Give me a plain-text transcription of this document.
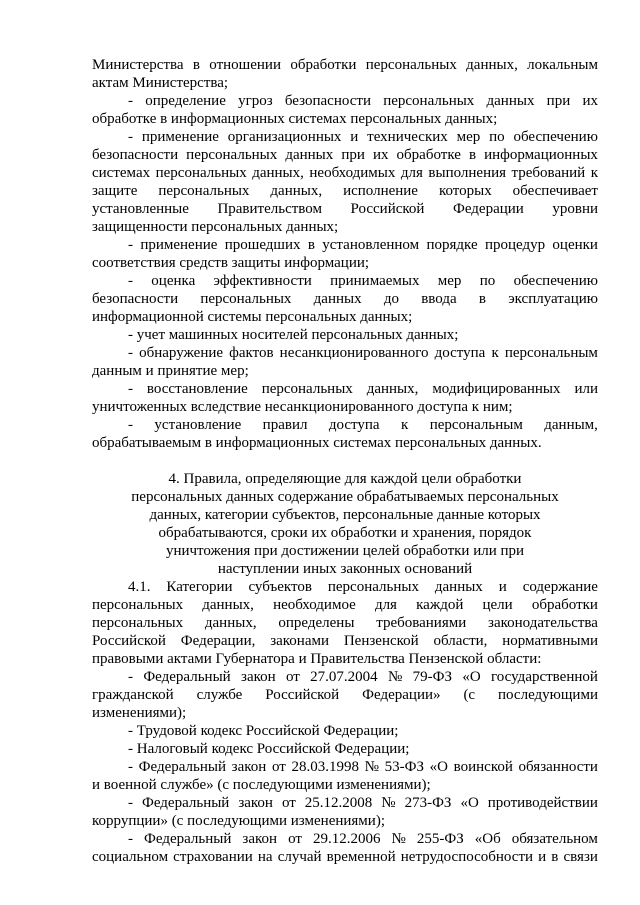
Министерства в отношении обработки персональных данных, локальным
актам Министерства;
- определение угроз безопасности персональных данных при их
обработке в информационных системах персональных данных;
- применение организационных и технических мер по обеспечению
безопасности персональных данных при их обработке в информационных
системах персональных данных, необходимых для выполнения требований к
защите персональных данных, исполнение которых обеспечивает
установленные Правительством Российской Федерации уровни
защищенности персональных данных;
- применение прошедших в установленном порядке процедур оценки
соответствия средств защиты информации;
- оценка эффективности принимаемых мер по обеспечению
безопасности персональных данных до ввода в эксплуатацию
информационной системы персональных данных;
- учет машинных носителей персональных данных;
- обнаружение фактов несанкционированного доступа к персональным
данным и принятие мер;
- восстановление персональных данных, модифицированных или
уничтоженных вследствие несанкционированного доступа к ним;
- установление правил доступа к персональным данным,
обрабатываемым в информационных системах персональных данных.
4. Правила, определяющие для каждой цели обработки
персональных данных содержание обрабатываемых персональных
данных, категории субъектов, персональные данные которых
обрабатываются, сроки их обработки и хранения, порядок
уничтожения при достижении целей обработки или при
наступлении иных законных оснований
4.1. Категории субъектов персональных данных и содержание
персональных данных, необходимое для каждой цели обработки
персональных данных, определены требованиями законодательства
Российской Федерации, законами Пензенской области, нормативными
правовыми актами Губернатора и Правительства Пензенской области:
- Федеральный закон от 27.07.2004 № 79-ФЗ «О государственной
гражданской службе Российской Федерации» (с последующими
изменениями);
- Трудовой кодекс Российской Федерации;
- Налоговый кодекс Российской Федерации;
- Федеральный закон от 28.03.1998 № 53-ФЗ «О воинской обязанности
и военной службе» (с последующими изменениями);
- Федеральный закон от 25.12.2008 № 273-ФЗ «О противодействии
коррупции» (с последующими изменениями);
- Федеральный закон от 29.12.2006 № 255-ФЗ «Об обязательном
социальном страховании на случай временной нетрудоспособности и в связи
